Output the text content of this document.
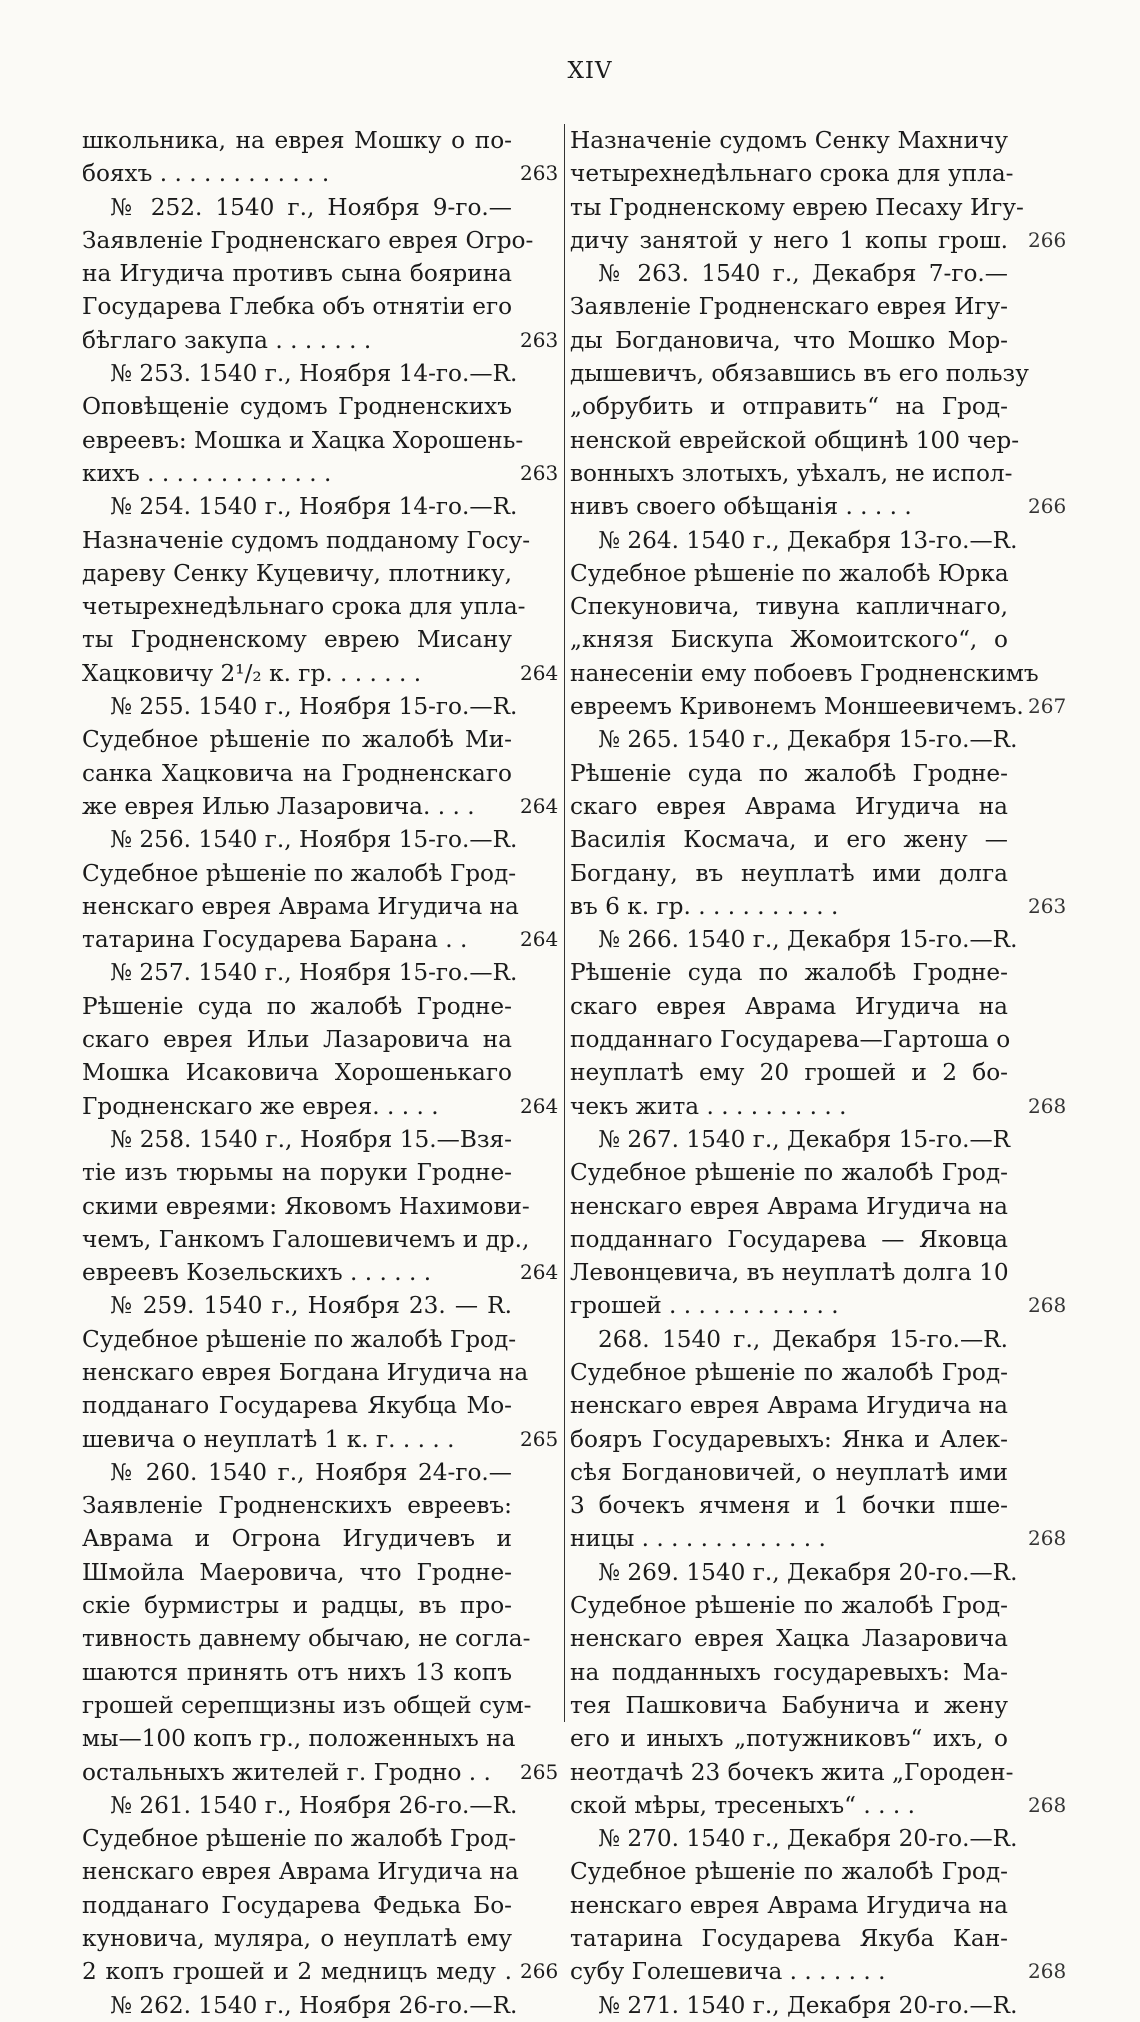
XIV
школьника, на еврея Мошку о по-
бояхъ . . . . . . . . . . . .	263
№ 252. 1540 г., Ноября 9-го.—
Заявленіе Гродненскаго еврея Огро-
на Игудича противъ сына боярина
Государева Глебка объ отнятіи его
бѣглаго закупа . . . . . . .	263
№ 253. 1540 г., Ноября 14-го.—R.
Оповѣщеніе судомъ Гродненскихъ
евреевъ: Мошка и Хацка Хорошень-
кихъ . . . . . . . . . . . . .	263
№ 254. 1540 г., Ноября 14-го.—R.
Назначеніе судомъ подданому Госу-
дареву Сенку Куцевичу, плотнику,
четырехнедѣльнаго срока для упла-
ты Гродненскому еврею Мисану
Хацковичу 2¹/₂ к. гр. . . . . . .	264
№ 255. 1540 г., Ноября 15-го.—R.
Судебное рѣшеніе по жалобѣ Ми-
санка Хацковича на Гродненскаго
же еврея Илью Лазаровича. . . . 264
№ 256. 1540 г., Ноября 15-го.—R.
Судебное рѣшеніе по жалобѣ Грод-
ненскаго еврея Аврама Игудича на
татарина Государева Барана . .	264
№ 257. 1540 г., Ноября 15-го.—R.
Рѣшеніе суда по жалобѣ Гродне-
скаго еврея Ильи Лазаровича на
Мошка Исаковича Хорошенькаго
Гродненскаго же еврея. . . . .	264
№ 258. 1540 г., Ноября 15.—Взя-
тіе изъ тюрьмы на поруки Гродне-
скими евреями: Яковомъ Нахимови-
чемъ, Ганкомъ Галошевичемъ и др.,
евреевъ Козельскихъ . . . . . .	264
№ 259. 1540 г., Ноября 23. — R.
Судебное рѣшеніе по жалобѣ Грод-
ненскаго еврея Богдана Игудича на
подданаго Государева Якубца Мо-
шевича о неуплатѣ 1 к. г. . . . .	265
№ 260. 1540 г., Ноября 24-го.—
Заявленіе Гродненскихъ евреевъ:
Аврама и Огрона Игудичевъ и
Шмойла Маеровича, что Гродне-
скіе бурмистры и радцы, въ про-
тивность давнему обычаю, не согла-
шаются принять отъ нихъ 13 копъ
грошей серепщизны изъ общей сум-
мы—100 копъ гр., положенныхъ на
остальныхъ жителей г. Гродно . . 265
№ 261. 1540 г., Ноября 26-го.—R.
Судебное рѣшеніе по жалобѣ Грод-
ненскаго еврея Аврама Игудича на
подданаго Государева Федька Бо-
куновича, муляра, о неуплатѣ ему
2 копъ грошей и 2 медницъ меду . 266
№ 262. 1540 г., Ноября 26-го.—R.
Назначеніе судомъ Сенку Махничу
четырехнедѣльнаго срока для упла-
ты Гродненскому еврею Песаху Игу-
дичу занятой у него 1 копы грош. 266
№ 263. 1540 г., Декабря 7-го.—
Заявленіе Гродненскаго еврея Игу-
ды Богдановича, что Мошко Мор-
дышевичъ, обязавшись въ его пользу
„обрубить и отправить“ на Грод-
ненской еврейской общинѣ 100 чер-
вонныхъ злотыхъ, уѣхалъ, не испол-
нивъ своего обѣщанія . . . . .	266
№ 264. 1540 г., Декабря 13-го.—R.
Судебное рѣшеніе по жалобѣ Юрка
Спекуновича, тивуна капличнаго,
„князя Бискупа Жомоитского“, о
нанесеніи ему побоевъ Гродненскимъ
евреемъ Кривонемъ Моншеевичемъ. 267
№ 265. 1540 г., Декабря 15-го.—R.
Рѣшеніе суда по жалобѣ Гродне-
скаго еврея Аврама Игудича на
Василія Космача, и его жену —
Богдану, въ неуплатѣ ими долга
въ 6 к. гр. . . . . . . . . . .	263
№ 266. 1540 г., Декабря 15-го.—R.
Рѣшеніе суда по жалобѣ Гродне-
скаго еврея Аврама Игудича на
подданнаго Государева—Гартоша о
неуплатѣ ему 20 грошей и 2 бо-
чекъ жита . . . . . . . . . .	268
№ 267. 1540 г., Декабря 15-го.—R
Судебное рѣшеніе по жалобѣ Грод-
ненскаго еврея Аврама Игудича на
подданнаго Государева — Яковца
Левонцевича, въ неуплатѣ долга 10
грошей . . . . . . . . . . . .	268
268. 1540 г., Декабря 15-го.—R.
Судебное рѣшеніе по жалобѣ Грод-
ненскаго еврея Аврама Игудича на
бояръ Государевыхъ: Янка и Алек-
сѣя Богдановичей, о неуплатѣ ими
3 бочекъ ячменя и 1 бочки пше-
ницы . . . . . . . . . . . . .	268
№ 269. 1540 г., Декабря 20-го.—R.
Судебное рѣшеніе по жалобѣ Грод-
ненскаго еврея Хацка Лазаровича
на подданныхъ государевыхъ: Ма-
тея Пашковича Бабунича и жену
его и иныхъ „потужниковъ“ ихъ, о
неотдачѣ 23 бочекъ жита „Городен-
ской мѣры, тресеныхъ“ . . . .	268
№ 270. 1540 г., Декабря 20-го.—R.
Судебное рѣшеніе по жалобѣ Грод-
ненскаго еврея Аврама Игудича на
татарина Государева Якуба Кан-
субу Голешевича . . . . . . .	268
№ 271. 1540 г., Декабря 20-го.—R.
